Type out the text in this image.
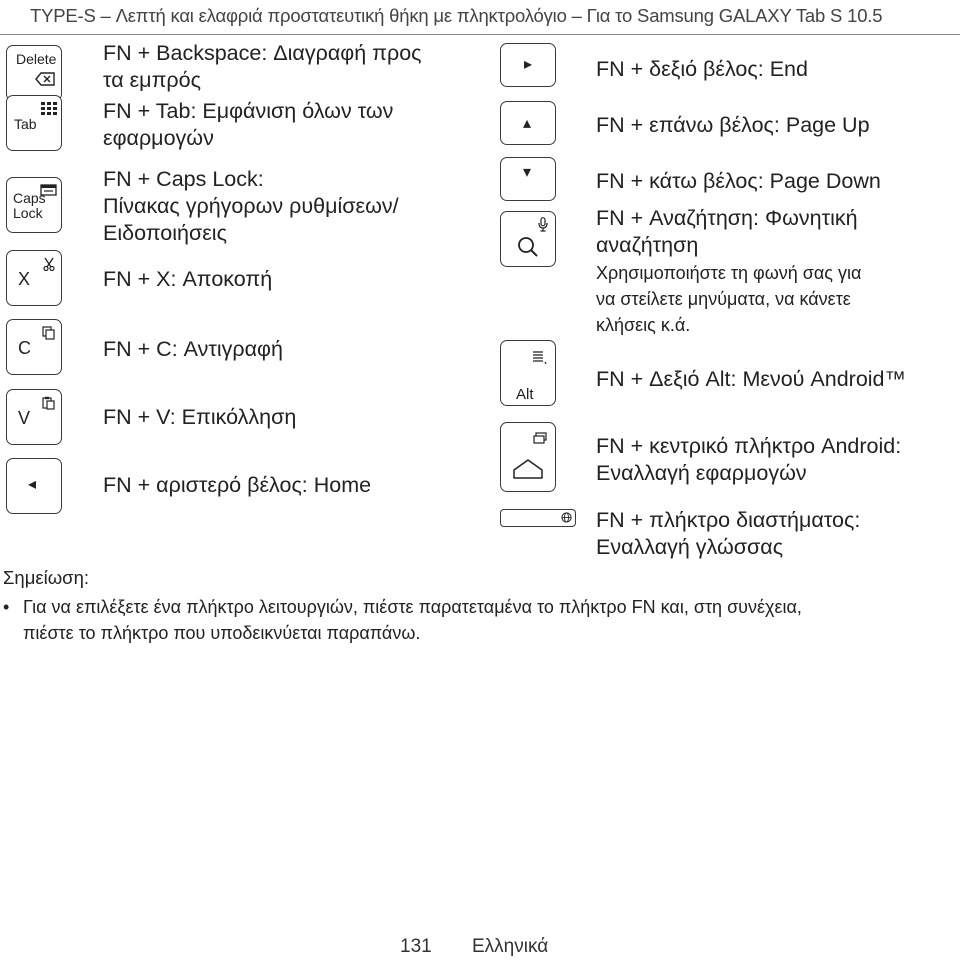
TYPE-S – Λεπτή και ελαφριά προστατευτική θήκη με πληκτρολόγιο – Για το Samsung GALAXY Tab S 10.5
Delete
Tab
Caps
Lock
X
C
V
◂
FN + Backspace: Διαγραφή προς
τα εμπρός
FN + Tab: Εμφάνιση όλων των
εφαρμογών
FN + Caps Lock:
Πίνακας γρήγορων ρυθμίσεων/
Ειδοποιήσεις
FN + X: Αποκοπή
FN + C: Αντιγραφή
FN + V: Επικόλληση
FN + αριστερό βέλος: Home
▸
▴
▾
Alt
FN + δεξιό βέλος: End
FN + επάνω βέλος: Page Up
FN + κάτω βέλος: Page Down
FN + Αναζήτηση: Φωνητική
αναζήτηση
Χρησιμοποιήστε τη φωνή σας για
να στείλετε μηνύματα, να κάνετε
κλήσεις κ.ά.
FN + Δεξιό Alt: Μενού Android™
FN + κεντρικό πλήκτρο Android:
Εναλλαγή εφαρμογών
FN + πλήκτρο διαστήματος:
Εναλλαγή γλώσσας
Σημείωση:
• Για να επιλέξετε ένα πλήκτρο λειτουργιών, πιέστε παρατεταμένα το πλήκτρο FN και, στη συνέχεια,
πιέστε το πλήκτρο που υποδεικνύεται παραπάνω.
131 Ελληνικά
